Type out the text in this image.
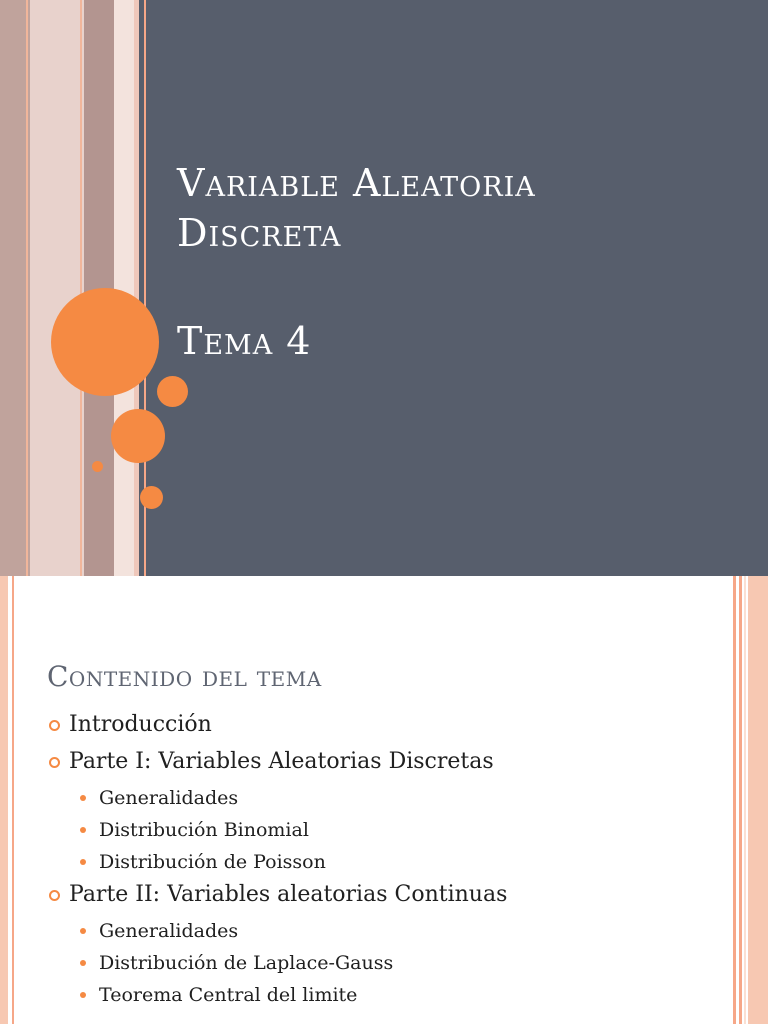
Variable Aleatoria
Discreta
Tema 4
Contenido del tema
Introducción
Parte I: Variables Aleatorias Discretas
Generalidades
Distribución Binomial
Distribución de Poisson
Parte II: Variables aleatorias Continuas
Generalidades
Distribución de Laplace-Gauss
Teorema Central del limite
